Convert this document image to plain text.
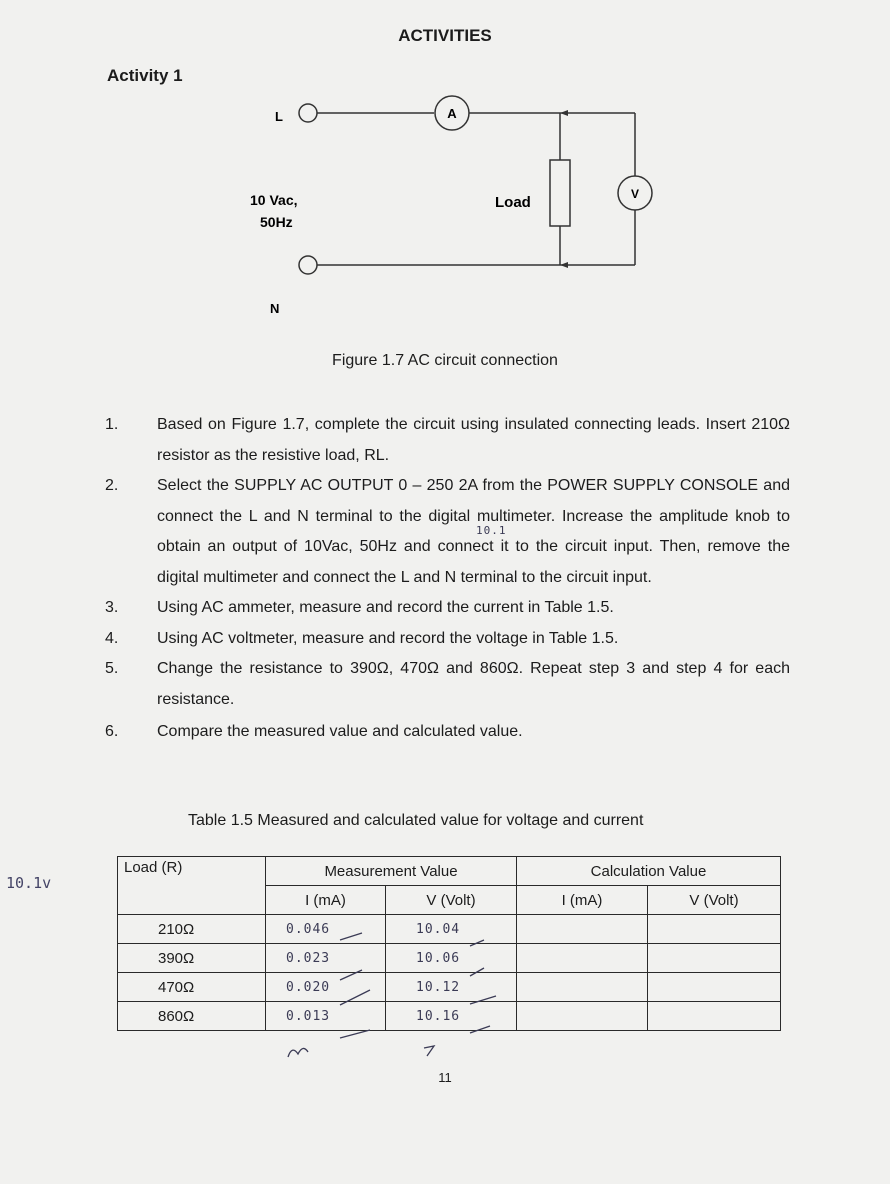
ACTIVITIES
Activity 1
L
N
10 Vac,
50Hz
A
Load	V
Figure 1.7 AC circuit connection
1. Based on Figure 1.7, complete the circuit using insulated connecting leads. Insert 210Ω resistor as the resistive load, RL.
2. Select the SUPPLY AC OUTPUT 0 – 250 2A from the POWER SUPPLY CONSOLE and connect the L and N terminal to the digital multimeter. Increase the amplitude knob to obtain an output of 10Vac, 50Hz and connect it to the circuit input. Then, remove the digital multimeter and connect the L and N terminal to the circuit input.
3. Using AC ammeter, measure and record the current in Table 1.5.
4. Using AC voltmeter, measure and record the voltage in Table 1.5.
5. Change the resistance to 390Ω, 470Ω and 860Ω. Repeat step 3 and step 4 for each resistance.
6. Compare the measured value and calculated value.
Table 1.5 Measured and calculated value for voltage and current
Load (R)	Measurement Value		Calculation Value	
	I (mA)	V (Volt)	I (mA)	V (Volt)
210Ω	0.046	10.04		
390Ω	0.023	10.06		
470Ω	0.020	10.12		
860Ω	0.013	10.16		
10.1v
10.1
11
